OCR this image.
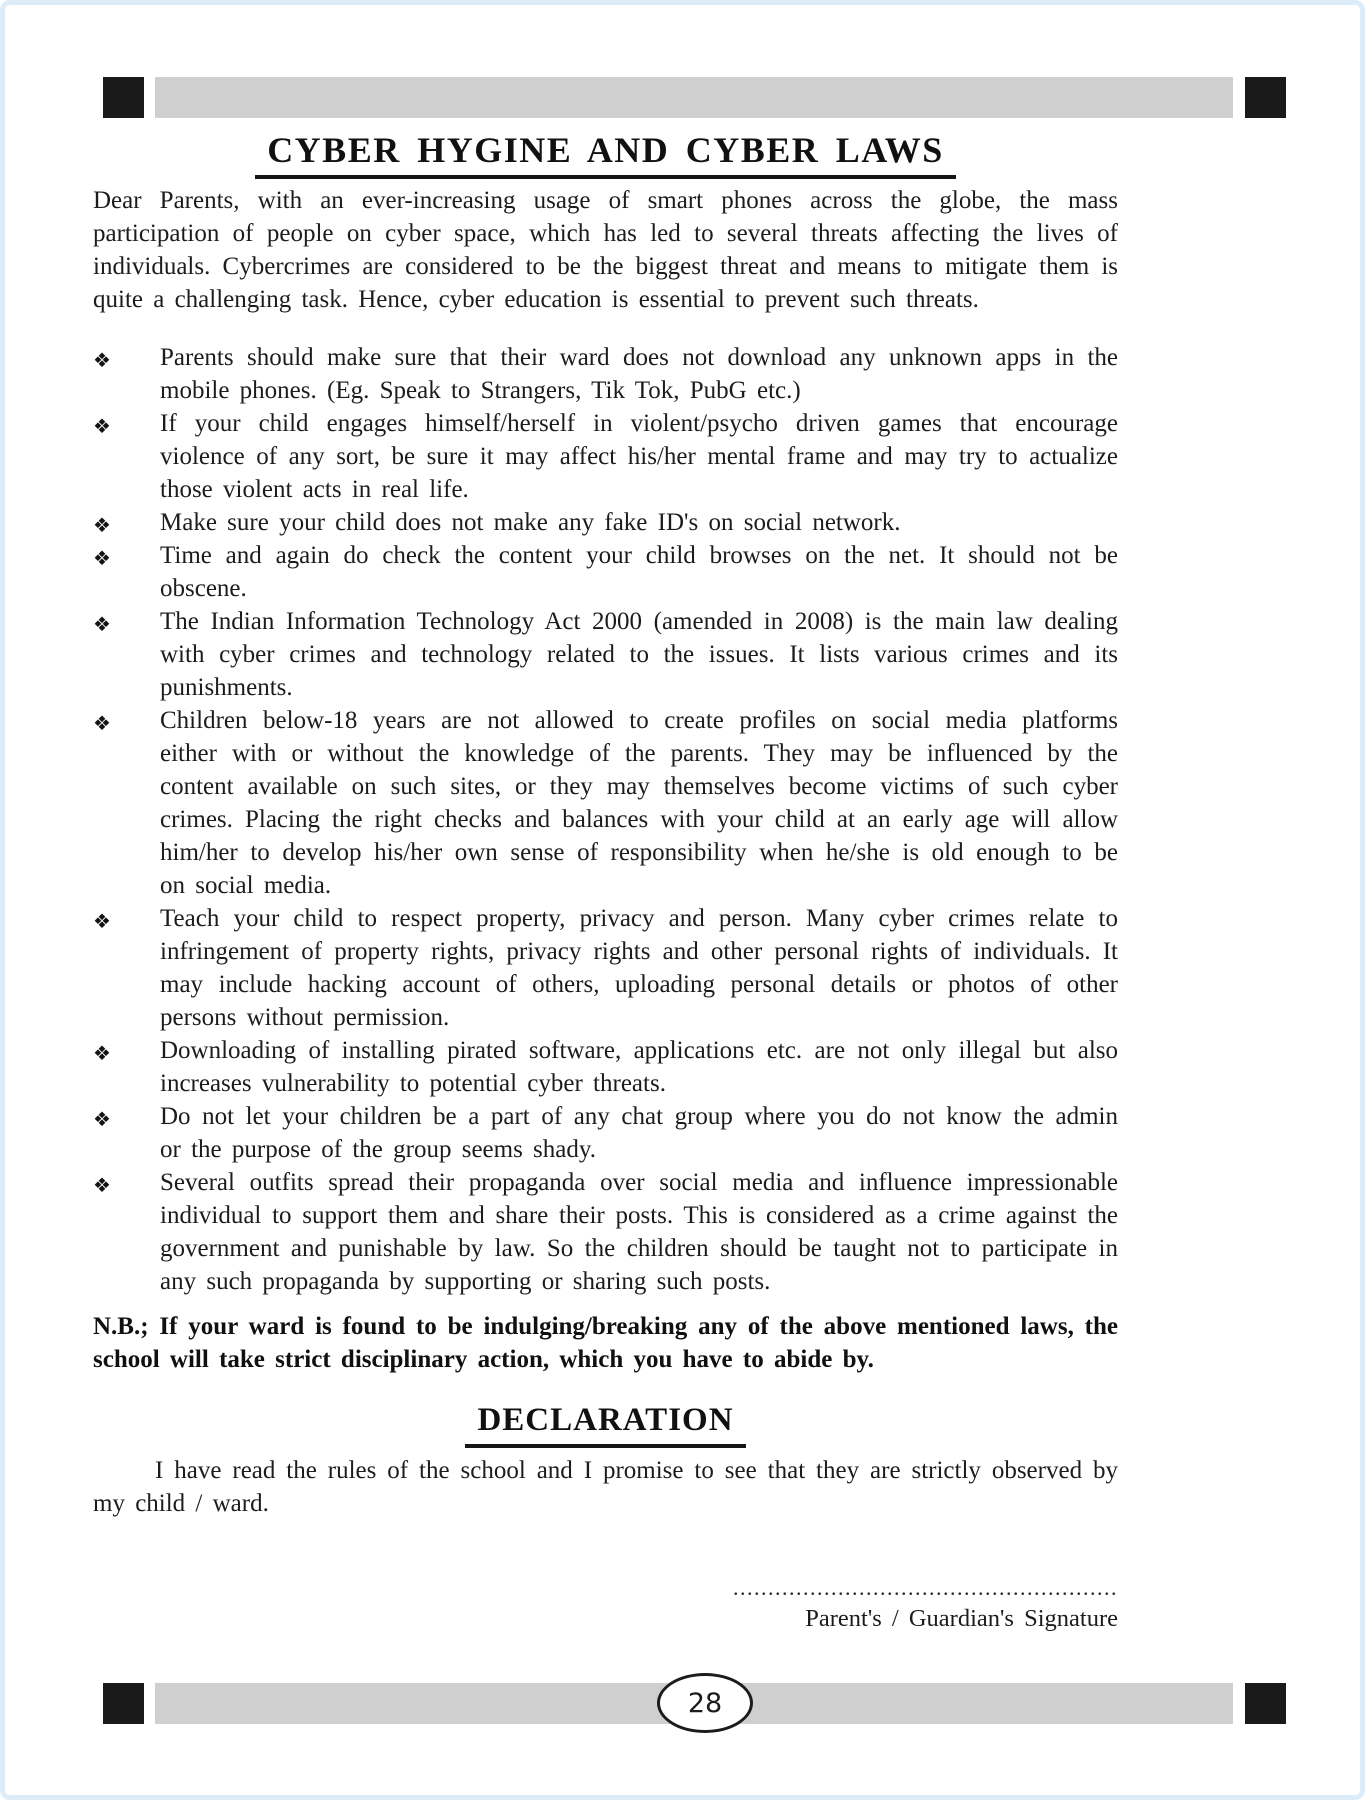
CYBER HYGINE AND CYBER LAWS

Dear Parents, with an ever-increasing usage of smart phones across the globe, the mass participation of people on cyber space, which has led to several threats affecting the lives of individuals. Cybercrimes are considered to be the biggest threat and means to mitigate them is quite a challenging task. Hence, cyber education is essential to prevent such threats.

❖ Parents should make sure that their ward does not download any unknown apps in the mobile phones. (Eg. Speak to Strangers, Tik Tok, PubG etc.)
❖ If your child engages himself/herself in violent/psycho driven games that encourage violence of any sort, be sure it may affect his/her mental frame and may try to actualize those violent acts in real life.
❖ Make sure your child does not make any fake ID's on social network.
❖ Time and again do check the content your child browses on the net. It should not be obscene.
❖ The Indian Information Technology Act 2000 (amended in 2008) is the main law dealing with cyber crimes and technology related to the issues. It lists various crimes and its punishments.
❖ Children below-18 years are not allowed to create profiles on social media platforms either with or without the knowledge of the parents. They may be influenced by the content available on such sites, or they may themselves become victims of such cyber crimes. Placing the right checks and balances with your child at an early age will allow him/her to develop his/her own sense of responsibility when he/she is old enough to be on social media.
❖ Teach your child to respect property, privacy and person. Many cyber crimes relate to infringement of property rights, privacy rights and other personal rights of individuals. It may include hacking account of others, uploading personal details or photos of other persons without permission.
❖ Downloading of installing pirated software, applications etc. are not only illegal but also increases vulnerability to potential cyber threats.
❖ Do not let your children be a part of any chat group where you do not know the admin or the purpose of the group seems shady.
❖ Several outfits spread their propaganda over social media and influence impressionable individual to support them and share their posts. This is considered as a crime against the government and punishable by law. So the children should be taught not to participate in any such propaganda by supporting or sharing such posts.

N.B.; If your ward is found to be indulging/breaking any of the above mentioned laws, the school will take strict disciplinary action, which you have to abide by.

DECLARATION

I have read the rules of the school and I promise to see that they are strictly observed by my child / ward.

.......................................................
Parent's / Guardian's Signature
28
